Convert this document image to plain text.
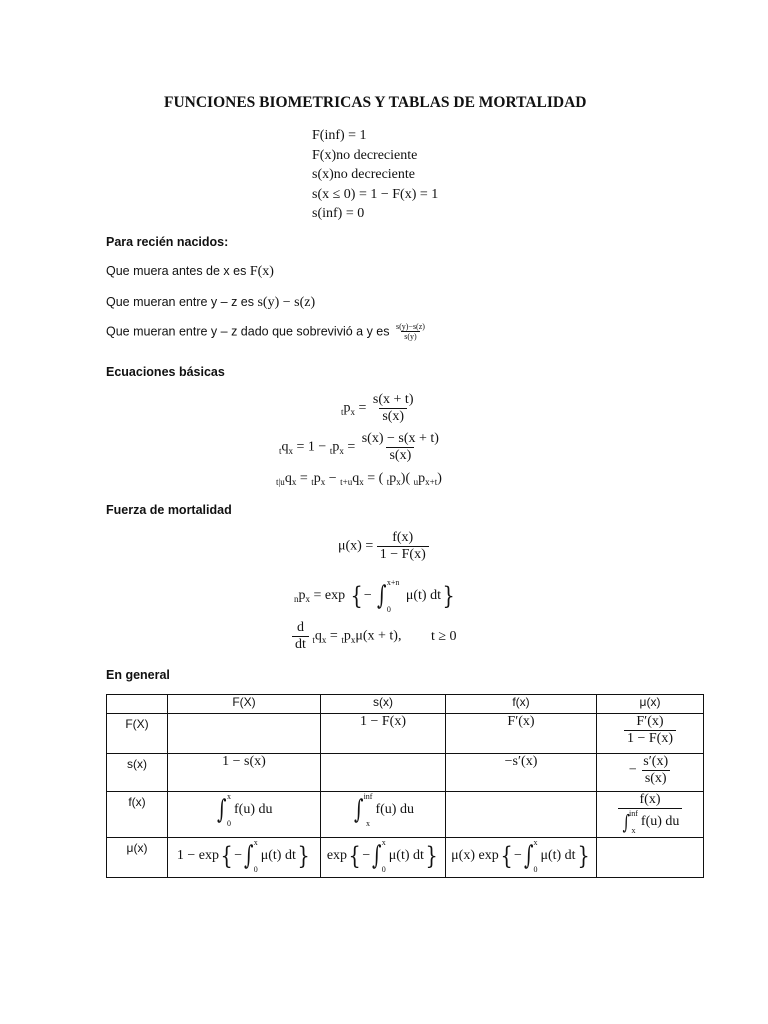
FUNCIONES BIOMETRICAS Y TABLAS DE MORTALIDAD
F(inf) = 1
F(x)no decreciente
s(x)no decreciente
s(x ≤ 0) = 1 − F(x) = 1
s(inf) = 0
Para recién nacidos:
Que muera antes de x es F(x)
Que mueran entre y – z es s(y) − s(z)
Que mueran entre y – z dado que sobrevivió a y es $\frac{s(y)-s(z)}{s(y)}$
Ecuaciones básicas
$_tp_x = \frac{s(x + t)}{s(x)}$
$_tq_x = 1 - _tp_x = \frac{s(x) - s(x + t)}{s(x)}$
$_{t|u}q_x = _tp_x - _{t+u}q_x$ = ( $_tp_x$)( $_up_{x+t}$)
Fuerza de mortalidad
$\mu(x) = \frac{f(x)}{1 - F(x)}$
$_np_x = \exp$ { − ∫ x+n
0
μ(t) dt}
$\frac{d}{dt} _tq_x = _tp_x\mu(x + t)$, t ≥ 0
En general
	F(X)	s(x)	f(x)	μ(x)
F(X)		1 − F(x)	F′(x)	$\frac{F'(x)}{1 - F(x)}$

s(x)	1 − s(x)		−s′(x)	− $\frac{s'(x)}{s(x)}$

f(x)	∫ x
0
f(u) du	∫ inf
x
f(u) du		f(x)
∫ inf
x
f(u) du

μ(x)	1 − exp{ − ∫ x
0
μ(t) dt}	exp{ − ∫ x
0
μ(t) dt}	μ(x) exp{ − ∫ x
0
μ(t) dt}	
